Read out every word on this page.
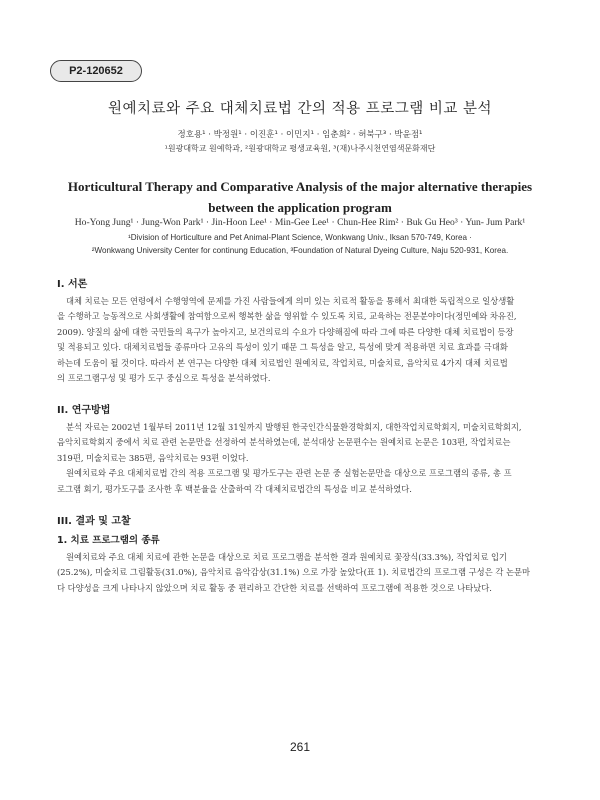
P2-120652
원예치료와 주요 대체치료법 간의 적용 프로그램 비교 분석
정호용¹ · 박정원¹ · 이진훈¹ · 이민지¹ · 임춘희² · 허북구³ · 박윤점¹
¹원광대학교 원예학과, ²원광대학교 평생교육원, ³(재)나주시천연염색문화재단
Horticultural Therapy and Comparative Analysis of the major alternative therapies
between the application program
Ho-Yong Jung¹ · Jung-Won Park¹ · Jin-Hoon Lee¹ · Min-Gee Lee¹ · Chun-Hee Rim² · Buk Gu Heo³ · Yun- Jum Park¹
¹Division of Horticulture and Pet Animal-Plant Science, Wonkwang Univ., Iksan 570-749, Korea ·
²Wonkwang University Center for continung Education, ³Foundation of Natural Dyeing Culture, Naju 520-931, Korea.
I. 서론
대체 치료는 모든 연령에서 수행영역에 문제를 가진 사람들에게 의미 있는 치료적 활동을 통해서 최대한 독립적으로 일상생활
을 수행하고 능동적으로 사회생활에 참여함으로써 행복한 삶을 영위할 수 있도록 치료, 교육하는 전문분야이다(정민예와 차유진,
2009). 양질의 삶에 대한 국민들의 욕구가 높아지고, 보건의료의 수요가 다양해짐에 따라 그에 따른 다양한 대체 치료법이 등장
및 적용되고 있다. 대체치료법들 종류마다 고유의 특성이 있기 때문 그 특성을 알고, 특성에 맞게 적용하면 치료 효과를 극대화
하는데 도움이 될 것이다. 따라서 본 연구는 다양한 대체 치료법인 원예치료, 작업치료, 미술치료, 음악치료 4가지 대체 치료법
의 프로그램구성 및 평가 도구 중심으로 특성을 분석하였다.
II. 연구방법
분석 자료는 2002년 1월부터 2011년 12월 31일까지 발행된 한국인간식물환경학회지, 대한작업치료학회지, 미술치료학회지,
음악치료학회지 중에서 치료 관련 논문만을 선정하여 분석하였는데, 분석대상 논문편수는 원예치료 논문은 103편, 작업치료는
319편, 미술치료는 385편, 음악치료는 93편 이었다.
원예치료와 주요 대체치료법 간의 적용 프로그램 및 평가도구는 관련 논문 중 실험논문만을 대상으로 프로그램의 종류, 총 프
로그램 회기, 평가도구를 조사한 후 백분율을 산출하여 각 대체치료법간의 특성을 비교 분석하였다.
III. 결과 및 고찰
1. 치료 프로그램의 종류
원예치료와 주요 대체 치료에 관한 논문을 대상으로 치료 프로그램을 분석한 결과 원예치료 꽃장식(33.3%), 작업치료 입기
(25.2%), 미술치료 그림활동(31.0%), 음악치료 음악감상(31.1%) 으로 가장 높았다(표 1). 치료법간의 프로그램 구성은 각 논문마
다 다양성을 크게 나타나지 않았으며 치료 활동 중 편리하고 간단한 치료를 선택하여 프로그램에 적용한 것으로 나타났다.
261
